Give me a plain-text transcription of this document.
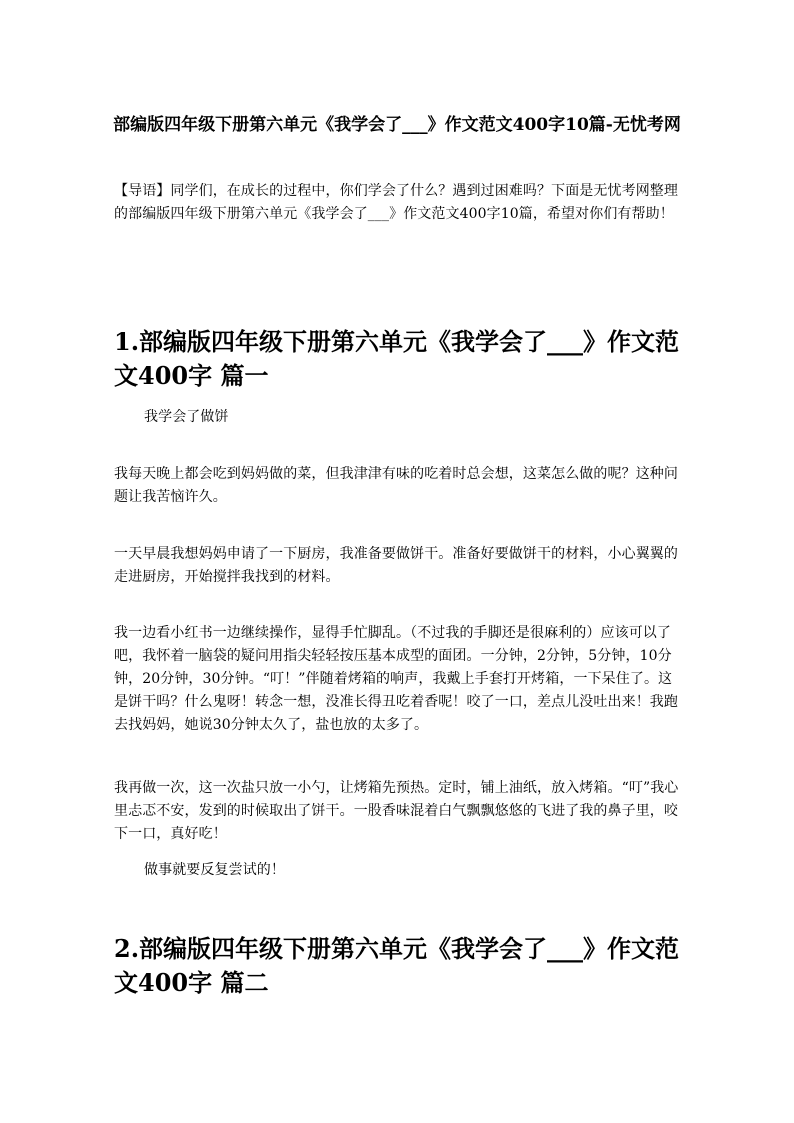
部编版四年级下册第六单元《我学会了___》作文范文400字10篇-无忧考网

【导语】同学们，在成长的过程中，你们学会了什么？遇到过困难吗？下面是无忧考网整理的部编版四年级下册第六单元《我学会了___》作文范文400字10篇，希望对你们有帮助！

1.部编版四年级下册第六单元《我学会了___》作文范文400字 篇一

我学会了做饼

我每天晚上都会吃到妈妈做的菜，但我津津有味的吃着时总会想，这菜怎么做的呢？这种问题让我苦恼许久。

一天早晨我想妈妈申请了一下厨房，我准备要做饼干。准备好要做饼干的材料，小心翼翼的走进厨房，开始搅拌我找到的材料。

我一边看小红书一边继续操作，显得手忙脚乱。（不过我的手脚还是很麻利的）应该可以了吧，我怀着一脑袋的疑问用指尖轻轻按压基本成型的面团。一分钟，2分钟，5分钟，10分钟，20分钟，30分钟。“叮！”伴随着烤箱的响声，我戴上手套打开烤箱，一下呆住了。这是饼干吗？什么鬼呀！转念一想，没准长得丑吃着香呢！咬了一口，差点儿没吐出来！我跑去找妈妈，她说30分钟太久了，盐也放的太多了。

我再做一次，这一次盐只放一小勺，让烤箱先预热。定时，铺上油纸，放入烤箱。“叮”我心里忐忑不安，发到的时候取出了饼干。一股香味混着白气飘飘悠悠的飞进了我的鼻子里，咬下一口，真好吃！

做事就要反复尝试的！

2.部编版四年级下册第六单元《我学会了___》作文范文400字 篇二
